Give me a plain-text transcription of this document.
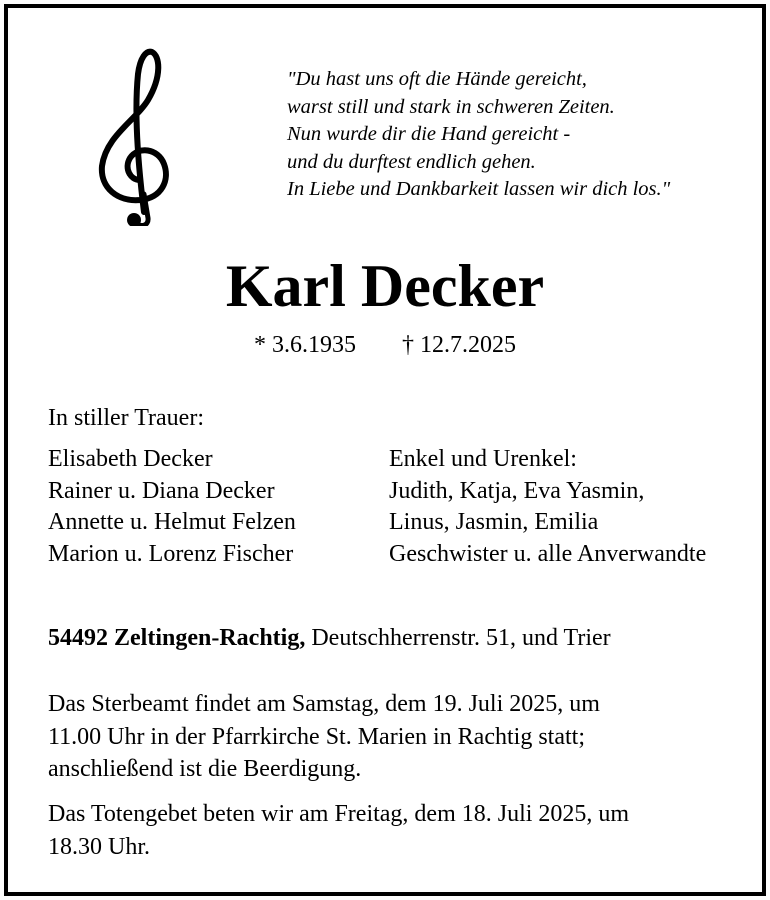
"Du hast uns oft die Hände gereicht,
warst still und stark in schweren Zeiten.
Nun wurde dir die Hand gereicht -
und du durftest endlich gehen.
In Liebe und Dankbarkeit lassen wir dich los."
Karl Decker
* 3.6.1935 † 12.7.2025
In stiller Trauer:
Elisabeth Decker
Rainer u. Diana Decker
Annette u. Helmut Felzen
Marion u. Lorenz Fischer
Enkel und Urenkel:
Judith, Katja, Eva Yasmin,
Linus, Jasmin, Emilia
Geschwister u. alle Anverwandte
54492 Zeltingen-Rachtig, Deutschherrenstr. 51, und Trier
Das Sterbeamt findet am Samstag, dem 19. Juli 2025, um
11.00 Uhr in der Pfarrkirche St. Marien in Rachtig statt;
anschließend ist die Beerdigung.
Das Totengebet beten wir am Freitag, dem 18. Juli 2025, um
18.30 Uhr.
